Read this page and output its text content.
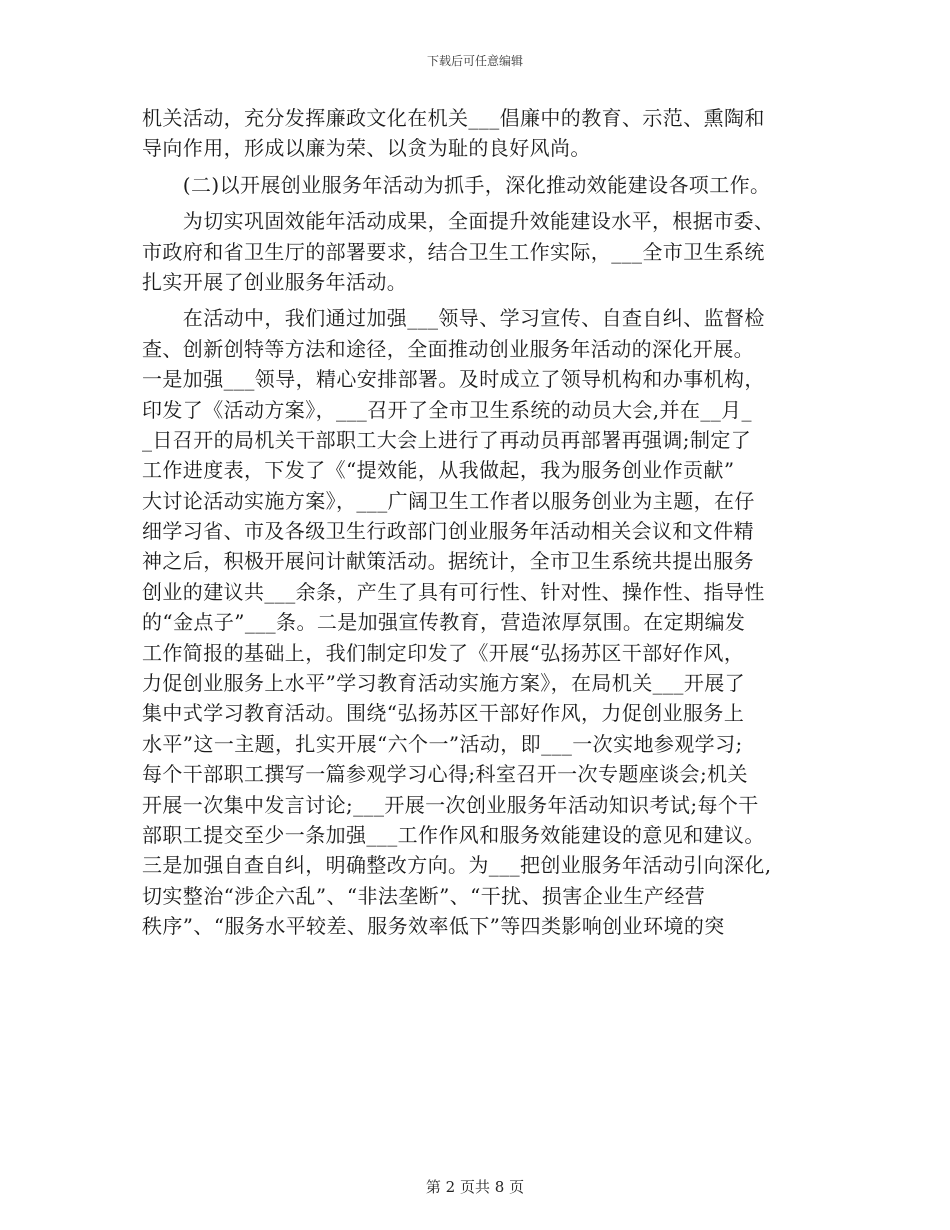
下载后可任意编辑
机关活动，充分发挥廉政文化在机关___倡廉中的教育、示范、熏陶和
导向作用，形成以廉为荣、以贪为耻的良好风尚。
　　(二)以开展创业服务年活动为抓手，深化推动效能建设各项工作。
　　为切实巩固效能年活动成果，全面提升效能建设水平，根据市委、
市政府和省卫生厅的部署要求，结合卫生工作实际，___全市卫生系统
扎实开展了创业服务年活动。
　　在活动中，我们通过加强___领导、学习宣传、自查自纠、监督检
查、创新创特等方法和途径，全面推动创业服务年活动的深化开展。
一是加强___领导，精心安排部署。及时成立了领导机构和办事机构，
印发了《活动方案》，___召开了全市卫生系统的动员大会,并在__月_
_日召开的局机关干部职工大会上进行了再动员再部署再强调;制定了
工作进度表，下发了《“提效能，从我做起，我为服务创业作贡献”
大讨论活动实施方案》，___广阔卫生工作者以服务创业为主题，在仔
细学习省、市及各级卫生行政部门创业服务年活动相关会议和文件精
神之后，积极开展问计献策活动。据统计，全市卫生系统共提出服务
创业的建议共___余条，产生了具有可行性、针对性、操作性、指导性
的“金点子”___条。二是加强宣传教育，营造浓厚氛围。在定期编发
工作简报的基础上，我们制定印发了《开展“弘扬苏区干部好作风，
力促创业服务上水平”学习教育活动实施方案》，在局机关___开展了
集中式学习教育活动。围绕“弘扬苏区干部好作风，力促创业服务上
水平”这一主题，扎实开展“六个一”活动，即___一次实地参观学习;
每个干部职工撰写一篇参观学习心得;科室召开一次专题座谈会;机关
开展一次集中发言讨论;___开展一次创业服务年活动知识考试;每个干
部职工提交至少一条加强___工作作风和服务效能建设的意见和建议。
三是加强自查自纠，明确整改方向。为___把创业服务年活动引向深化,
切实整治“涉企六乱”、“非法垄断”、“干扰、损害企业生产经营
秩序”、“服务水平较差、服务效率低下”等四类影响创业环境的突
第 2 页共 8 页
